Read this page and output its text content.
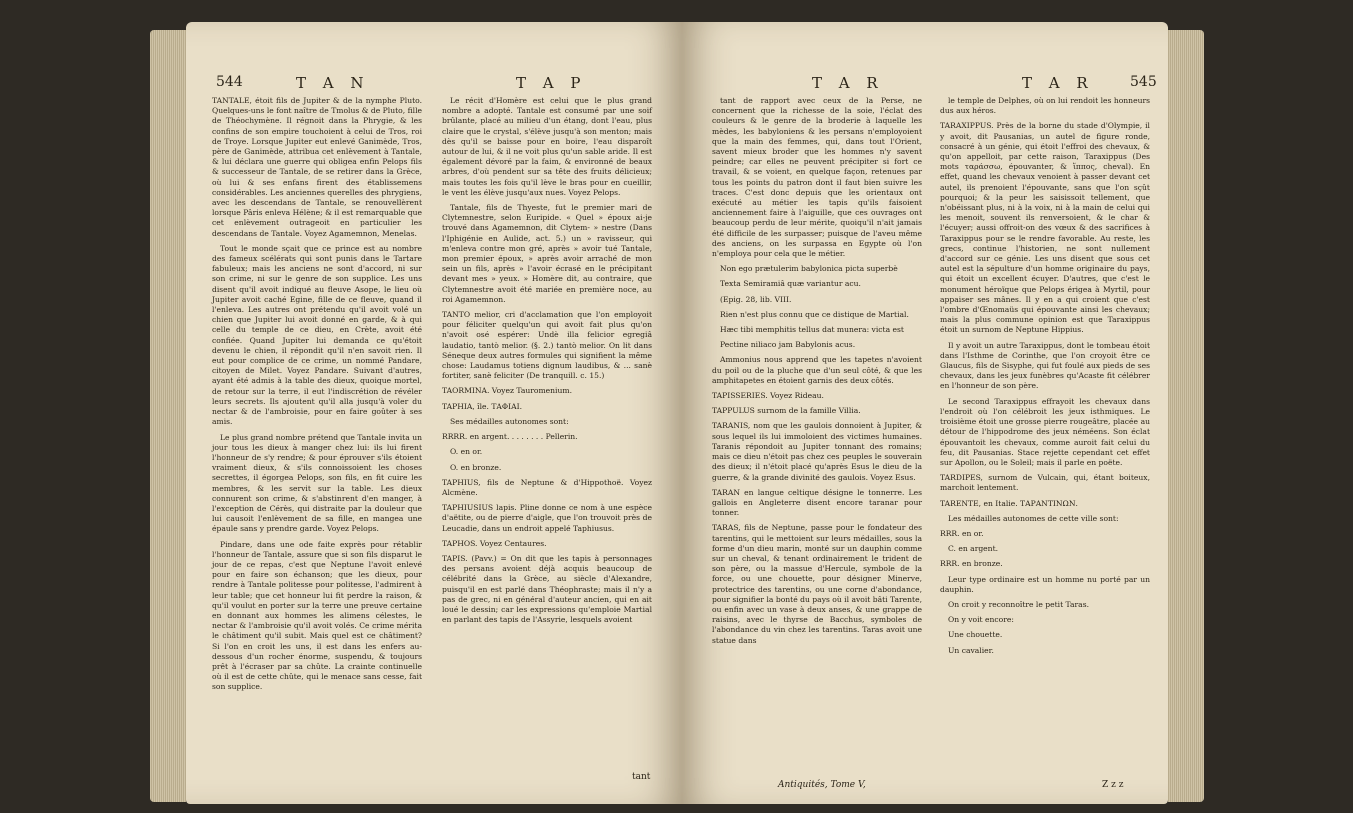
544	T A N	T A P

TANTALE, étoit fils de Jupiter & de la nymphe Pluto. Quelques-uns le font naître de Tmolus & de Pluto, fille de Théochymène. Il régnoit dans la Phrygie, & les confins de son empire touchoient à celui de Tros, roi de Troye. Lorsque Jupiter eut enlevé Ganimède, Tros, père de Ganimède, attribua cet enlèvement à Tantale, & lui déclara une guerre qui obligea enfin Pelops fils & successeur de Tantale, de se retirer dans la Grèce, où lui & ses enfans firent des établissemens considérables. Les anciennes querelles des phrygiens, avec les descendans de Tantale, se renouvellèrent lorsque Pâris enleva Hélène; & il est remarquable que cet enlèvement outrageoit en particulier les descendans de Tantale. Voyez Agamemnon, Menelas.

Tout le monde sçait que ce prince est au nombre des fameux scélérats qui sont punis dans le Tartare fabuleux; mais les anciens ne sont d'accord, ni sur son crime, ni sur le genre de son supplice. Les uns disent qu'il avoit indiqué au fleuve Asope, le lieu où Jupiter avoit caché Egine, fille de ce fleuve, quand il l'enleva. Les autres ont prétendu qu'il avoit volé un chien que Jupiter lui avoit donné en garde, & à qui celle du temple de ce dieu, en Crète, avoit été confiée. Quand Jupiter lui demanda ce qu'étoit devenu le chien, il répondit qu'il n'en savoit rien. Il eut pour complice de ce crime, un nommé Pandare, citoyen de Milet. Voyez Pandare. Suivant d'autres, ayant été admis à la table des dieux, quoique mortel, de retour sur la terre, il eut l'indiscrétion de révéler leurs secrets. Ils ajoutent qu'il alla jusqu'à voler du nectar & de l'ambroisie, pour en faire goûter à ses amis.

Le plus grand nombre prétend que Tantale invita un jour tous les dieux à manger chez lui: ils lui firent l'honneur de s'y rendre; & pour éprouver s'ils étoient vraiment dieux, & s'ils connoissoient les choses secrettes, il égorgea Pelops, son fils, en fit cuire les membres, & les servit sur la table. Les dieux connurent son crime, & s'abstinrent d'en manger, à l'exception de Cérès, qui distraite par la douleur que lui causoit l'enlèvement de sa fille, en mangea une épaule sans y prendre garde. Voyez Pelops.

Pindare, dans une ode faite exprès pour rétablir l'honneur de Tantale, assure que si son fils disparut le jour de ce repas, c'est que Neptune l'avoit enlevé pour en faire son échanson; que les dieux, pour rendre à Tantale politesse pour politesse, l'admirent à leur table; que cet honneur lui fit perdre la raison, & qu'il voulut en porter sur la terre une preuve certaine en donnant aux hommes les alimens célestes, le nectar & l'ambroisie qu'il avoit volés. Ce crime mérita le châtiment qu'il subit. Mais quel est ce châtiment? Si l'on en croit les uns, il est dans les enfers au-dessous d'un rocher énorme, suspendu, & toujours prêt à l'écraser par sa chûte. La crainte continuelle où il est de cette chûte, qui le menace sans cesse, fait son supplice.

Le récit d'Homère est celui que le plus grand nombre a adopté. Tantale est consumé par une soif brûlante, placé au milieu d'un étang, dont l'eau, plus claire que le crystal, s'élève jusqu'à son menton; mais dès qu'il se baisse pour en boire, l'eau disparoît autour de lui, & il ne voit plus qu'un sable aride. Il est également dévoré par la faim, & environné de beaux arbres, d'où pendent sur sa tête des fruits délicieux; mais toutes les fois qu'il lève le bras pour en cueillir, le vent les élève jusqu'aux nues. Voyez Pelops.

Tantale, fils de Thyeste, fut le premier mari de Clytemnestre, selon Euripide. « Quel » époux ai-je trouvé dans Agamemnon, dit Clytem- » nestre (Dans l'Iphigénie en Aulide, act. 5.) un » ravisseur, qui m'enleva contre mon gré, après » avoir tué Tantale, mon premier époux, » après avoir arraché de mon sein un fils, après » l'avoir écrasé en le précipitant devant mes » yeux. » Homère dit, au contraire, que Clytemnestre avoit été mariée en première noce, au roi Agamemnon.

TANTO melior, cri d'acclamation que l'on employoit pour féliciter quelqu'un qui avoit fait plus qu'on n'avoit osé espérer: Undè illa felicior egregiâ laudatio, tantò melior. (§. 2.) tantò melior. On lit dans Séneque deux autres formules qui signifient la même chose: Laudamus totiens dignum laudibus, & ... sanè fortiter, sanè feliciter (De tranquill. c. 15.)

TAORMINA. Voyez Tauromenium.

TAPHIA, île. ΤΑΦΙΑΙ.

Ses médailles autonomes sont:

RRRR. en argent. . . . . . . . Pellerin.

O. en or.

O. en bronze.

TAPHIUS, fils de Neptune & d'Hippothoë. Voyez Alcmène.

TAPHIUSIUS lapis. Pline donne ce nom à une espèce d'aëtite, ou de pierre d'aigle, que l'on trouvoit près de Leucadie, dans un endroit appelé Taphiusus.

TAPHOS. Voyez Centaures.

TAPIS. (Pavv.) = On dit que les tapis à personnages des persans avoient déjà acquis beaucoup de célébrité dans la Grèce, au siècle d'Alexandre, puisqu'il en est parlé dans Théophraste; mais il n'y a pas de grec, ni en général d'auteur ancien, qui en ait loué le dessin; car les expressions qu'emploie Martial en parlant des tapis de l'Assyrie, lesquels avoient

tant
T A R	T A R	545

tant de rapport avec ceux de la Perse, ne concernent que la richesse de la soie, l'éclat des couleurs & le genre de la broderie à laquelle les mèdes, les babyloniens & les persans n'employoient que la main des femmes, qui, dans tout l'Orient, savent mieux broder que les hommes n'y savent peindre; car elles ne peuvent précipiter si fort ce travail, & se voient, en quelque façon, retenues par tous les points du patron dont il faut bien suivre les traces. C'est donc depuis que les orientaux ont exécuté au métier les tapis qu'ils faisoient anciennement faire à l'aiguille, que ces ouvrages ont beaucoup perdu de leur mérite, quoiqu'il n'ait jamais été difficile de les surpasser; puisque de l'aveu même des anciens, on les surpassa en Egypte où l'on n'employa pour cela que le métier.

Non ego prætulerim babylonica picta superbè

Texta Semiramiâ quæ variantur acu.

(Epig. 28, lib. VIII.

Rien n'est plus connu que ce distique de Martial.

Hæc tibi memphitis tellus dat munera: victa est

Pectine niliaco jam Babylonis acus.

Ammonius nous apprend que les tapetes n'avoient du poil ou de la pluche que d'un seul côté, & que les amphitapetes en étoient garnis des deux côtés.

TAPISSERIES. Voyez Rideau.

TAPPULUS surnom de la famille Villia.

TARANIS, nom que les gaulois donnoient à Jupiter, & sous lequel ils lui immoloient des victimes humaines. Taranis répondoit au Jupiter tonnant des romains; mais ce dieu n'étoit pas chez ces peuples le souverain des dieux; il n'étoit placé qu'après Esus le dieu de la guerre, & la grande divinité des gaulois. Voyez Esus.

TARAN en langue celtique désigne le tonnerre. Les gallois en Angleterre disent encore taranar pour tonner.

TARAS, fils de Neptune, passe pour le fondateur des tarentins, qui le mettoient sur leurs médailles, sous la forme d'un dieu marin, monté sur un dauphin comme sur un cheval, & tenant ordinairement le trident de son père, ou la massue d'Hercule, symbole de la force, ou une chouette, pour désigner Minerve, protectrice des tarentins, ou une corne d'abondance, pour signifier la bonté du pays où il avoit bâti Tarente, ou enfin avec un vase à deux anses, & une grappe de raisins, avec le thyrse de Bacchus, symboles de l'abondance du vin chez les tarentins. Taras avoit une statue dans

le temple de Delphes, où on lui rendoit les honneurs dus aux héros.

TARAXIPPUS. Près de la borne du stade d'Olympie, il y avoit, dit Pausanias, un autel de figure ronde, consacré à un génie, qui étoit l'effroi des chevaux, & qu'on appelloit, par cette raison, Taraxippus (Des mots ταράσσω, épouvanter, & ἵππος, cheval). En effet, quand les chevaux venoient à passer devant cet autel, ils prenoient l'épouvante, sans que l'on sçût pourquoi; & la peur les saisissoit tellement, que n'obéissant plus, ni à la voix, ni à la main de celui qui les menoit, souvent ils renversoient, & le char & l'écuyer; aussi offroit-on des vœux & des sacrifices à Taraxippus pour se le rendre favorable. Au reste, les grecs, continue l'historien, ne sont nullement d'accord sur ce génie. Les uns disent que sous cet autel est la sépulture d'un homme originaire du pays, qui étoit un excellent écuyer. D'autres, que c'est le monument héroïque que Pelops érigea à Myrtil, pour appaiser ses mânes. Il y en a qui croient que c'est l'ombre d'Œnomaüs qui épouvante ainsi les chevaux; mais la plus commune opinion est que Taraxippus étoit un surnom de Neptune Hippius.

Il y avoit un autre Taraxippus, dont le tombeau étoit dans l'Isthme de Corinthe, que l'on croyoit être ce Glaucus, fils de Sisyphe, qui fut foulé aux pieds de ses chevaux, dans les jeux funèbres qu'Acaste fit célébrer en l'honneur de son père.

Le second Taraxippus effrayoit les chevaux dans l'endroit où l'on célébroit les jeux isthmiques. Le troisième étoit une grosse pierre rougeâtre, placée au détour de l'hippodrome des jeux néméens. Son éclat épouvantoit les chevaux, comme auroit fait celui du feu, dit Pausanias. Stace rejette cependant cet effet sur Apollon, ou le Soleil; mais il parle en poëte.

TARDIPES, surnom de Vulcain, qui, étant boiteux, marchoit lentement.

TARENTE, en Italie. ΤΑΡΑΝΤΙΝΩΝ.

Les médailles autonomes de cette ville sont:

RRR. en or.

C. en argent.

RRR. en bronze.

Leur type ordinaire est un homme nu porté par un dauphin.

On croit y reconnoître le petit Taras.

On y voit encore:

Une chouette.

Un cavalier.

Antiquités, Tome V,	Z z z
